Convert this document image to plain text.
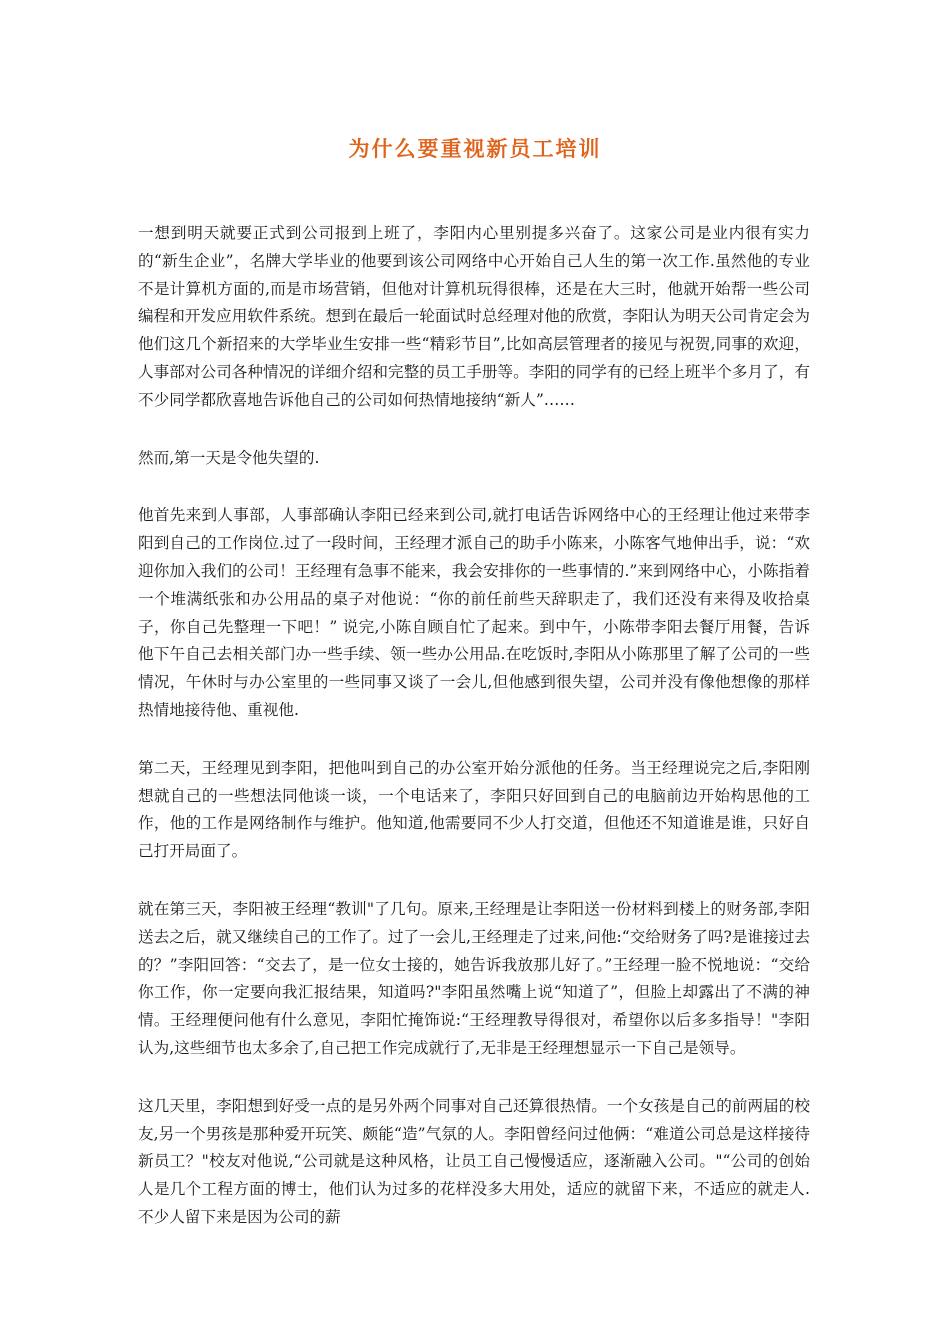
为什么要重视新员工培训

一想到明天就要正式到公司报到上班了，李阳内心里别提多兴奋了。这家公司是业内很有实力的“新生企业”，名牌大学毕业的他要到该公司网络中心开始自己人生的第一次工作.虽然他的专业不是计算机方面的,而是市场营销，但他对计算机玩得很棒，还是在大三时，他就开始帮一些公司编程和开发应用软件系统。想到在最后一轮面试时总经理对他的欣赏，李阳认为明天公司肯定会为他们这几个新招来的大学毕业生安排一些“精彩节目”,比如高层管理者的接见与祝贺,同事的欢迎，人事部对公司各种情况的详细介绍和完整的员工手册等。李阳的同学有的已经上班半个多月了，有不少同学都欣喜地告诉他自己的公司如何热情地接纳“新人”……

然而,第一天是令他失望的.

他首先来到人事部，人事部确认李阳已经来到公司,就打电话告诉网络中心的王经理让他过来带李阳到自己的工作岗位.过了一段时间，王经理才派自己的助手小陈来，小陈客气地伸出手，说：“欢迎你加入我们的公司！王经理有急事不能来，我会安排你的一些事情的.”来到网络中心，小陈指着一个堆满纸张和办公用品的桌子对他说：“你的前任前些天辞职走了，我们还没有来得及收拾桌子，你自己先整理一下吧！” 说完,小陈自顾自忙了起来。到中午，小陈带李阳去餐厅用餐，告诉他下午自己去相关部门办一些手续、领一些办公用品.在吃饭时,李阳从小陈那里了解了公司的一些情况，午休时与办公室里的一些同事又谈了一会儿,但他感到很失望，公司并没有像他想像的那样热情地接待他、重视他.

第二天，王经理见到李阳，把他叫到自己的办公室开始分派他的任务。当王经理说完之后,李阳刚想就自己的一些想法同他谈一谈，一个电话来了，李阳只好回到自己的电脑前边开始构思他的工作，他的工作是网络制作与维护。他知道,他需要同不少人打交道，但他还不知道谁是谁，只好自己打开局面了。

就在第三天，李阳被王经理“教训"了几句。原来,王经理是让李阳送一份材料到楼上的财务部,李阳送去之后，就又继续自己的工作了。过了一会儿,王经理走了过来,问他:“交给财务了吗?是谁接过去的？”李阳回答：“交去了，是一位女士接的，她告诉我放那儿好了。”王经理一脸不悦地说：“交给你工作，你一定要向我汇报结果，知道吗?"李阳虽然嘴上说“知道了”，但脸上却露出了不满的神情。王经理便问他有什么意见，李阳忙掩饰说:“王经理教导得很对，希望你以后多多指导！"李阳认为,这些细节也太多余了,自己把工作完成就行了,无非是王经理想显示一下自己是领导。

这几天里，李阳想到好受一点的是另外两个同事对自己还算很热情。一个女孩是自己的前两届的校友,另一个男孩是那种爱开玩笑、颇能“造”气氛的人。李阳曾经问过他俩：“难道公司总是这样接待新员工？"校友对他说,“公司就是这种风格，让员工自己慢慢适应，逐渐融入公司。"“公司的创始人是几个工程方面的博士，他们认为过多的花样没多大用处，适应的就留下来，不适应的就走人.不少人留下来是因为公司的薪
